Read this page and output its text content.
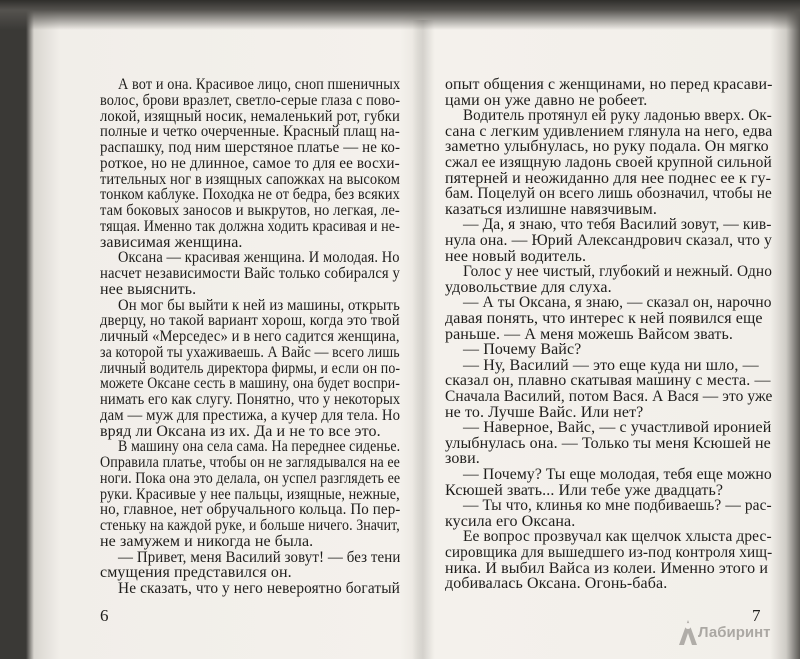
А вот и она. Красивое лицо, сноп пшеничных
волос, брови вразлет, светло-серые глаза с пово-
локой, изящный носик, немаленький рот, губки
полные и четко очерченные. Красный плащ на-
распашку, под ним шерстяное платье — не ко-
роткое, но не длинное, самое то для ее восхи-
тительных ног в изящных сапожках на высоком
тонком каблуке. Походка не от бедра, без всяких
там боковых заносов и выкрутов, но легкая, ле-
тящая. Именно так должна ходить красивая и не-
зависимая женщина.
Оксана — красивая женщина. И молодая. Но
насчет независимости Вайс только собирался у
нее выяснить.
Он мог бы выйти к ней из машины, открыть
дверцу, но такой вариант хорош, когда это твой
личный «Мерседес» и в него садится женщина,
за которой ты ухаживаешь. А Вайс — всего лишь
личный водитель директора фирмы, и если он по-
можете Оксане сесть в машину, она будет воспри-
нимать его как слугу. Понятно, что у некоторых
дам — муж для престижа, а кучер для тела. Но
вряд ли Оксана из их. Да и не то все это.
В машину она села сама. На переднее сиденье.
Оправила платье, чтобы он не заглядывался на ее
ноги. Пока она это делала, он успел разглядеть ее
руки. Красивые у нее пальцы, изящные, нежные,
но, главное, нет обручального кольца. По пер-
стеньку на каждой руке, и больше ничего. Значит,
не замужем и никогда не была.
— Привет, меня Василий зовут! — без тени
смущения представился он.
Не сказать, что у него невероятно богатый
опыт общения с женщинами, но перед красави-
цами он уже давно не робеет.
Водитель протянул ей руку ладонью вверх. Ок-
сана с легким удивлением глянула на него, едва
заметно улыбнулась, но руку подала. Он мягко
сжал ее изящную ладонь своей крупной сильной
пятерней и неожиданно для нее поднес ее к гу-
бам. Поцелуй он всего лишь обозначил, чтобы не
казаться излишне навязчивым.
— Да, я знаю, что тебя Василий зовут, — кив-
нула она. — Юрий Александрович сказал, что у
нее новый водитель.
Голос у нее чистый, глубокий и нежный. Одно
удовольствие для слуха.
— А ты Оксана, я знаю, — сказал он, нарочно
давая понять, что интерес к ней появился еще
раньше. — А меня можешь Вайсом звать.
— Почему Вайс?
— Ну, Василий — это еще куда ни шло, —
сказал он, плавно скатывая машину с места. —
Сначала Василий, потом Вася. А Вася — это уже
не то. Лучше Вайс. Или нет?
— Наверное, Вайс, — с участливой иронией
улыбнулась она. — Только ты меня Ксюшей не
зови.
— Почему? Ты еще молодая, тебя еще можно
Ксюшей звать... Или тебе уже двадцать?
— Ты что, клинья ко мне подбиваешь? — рас-
кусила его Оксана.
Ее вопрос прозвучал как щелчок хлыста дрес-
сировщика для вышедшего из-под контроля хищ-
ника. И выбил Вайса из колеи. Именно этого и
добивалась Оксана. Огонь-баба.
6	7
Лабиринт
